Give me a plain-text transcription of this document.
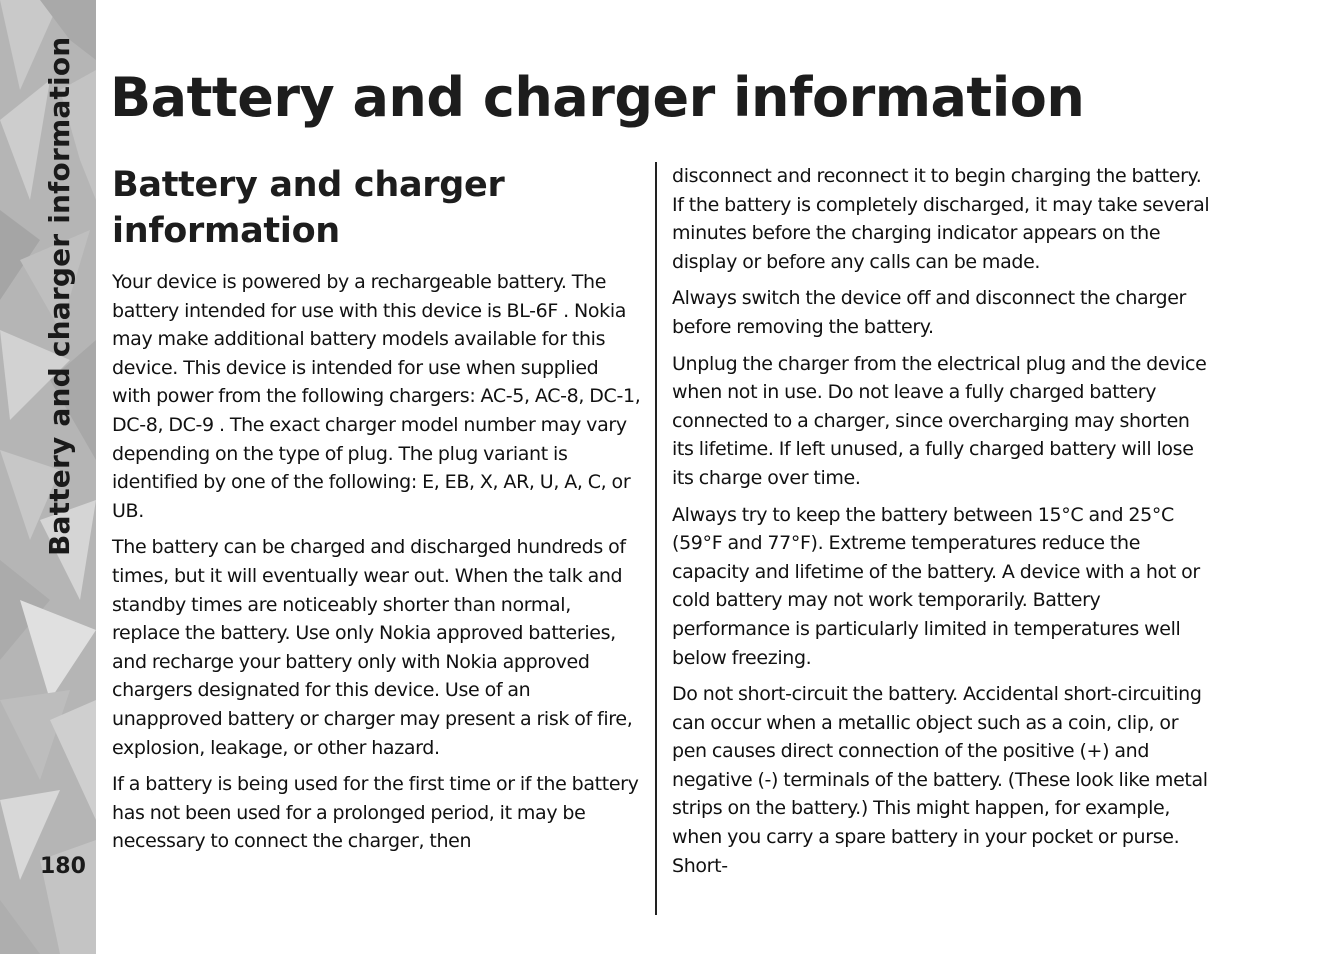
Battery and charger information
180
Battery and charger information
Battery and charger information

Your device is powered by a rechargeable battery. The battery intended for use with this device is BL-6F . Nokia may make additional battery models available for this device. This device is intended for use when supplied with power from the following chargers: AC-5, AC-8, DC-1, DC-8, DC-9 . The exact charger model number may vary depending on the type of plug. The plug variant is identified by one of the following: E, EB, X, AR, U, A, C, or UB.

The battery can be charged and discharged hundreds of times, but it will eventually wear out. When the talk and standby times are noticeably shorter than normal, replace the battery. Use only Nokia approved batteries, and recharge your battery only with Nokia approved chargers designated for this device. Use of an unapproved battery or charger may present a risk of fire, explosion, leakage, or other hazard.

If a battery is being used for the first time or if the battery has not been used for a prolonged period, it may be necessary to connect the charger, then

disconnect and reconnect it to begin charging the battery. If the battery is completely discharged, it may take several minutes before the charging indicator appears on the display or before any calls can be made.

Always switch the device off and disconnect the charger before removing the battery.

Unplug the charger from the electrical plug and the device when not in use. Do not leave a fully charged battery connected to a charger, since overcharging may shorten its lifetime. If left unused, a fully charged battery will lose its charge over time.

Always try to keep the battery between 15°C and 25°C (59°F and 77°F). Extreme temperatures reduce the capacity and lifetime of the battery. A device with a hot or cold battery may not work temporarily. Battery performance is particularly limited in temperatures well below freezing.

Do not short-circuit the battery. Accidental short-circuiting can occur when a metallic object such as a coin, clip, or pen causes direct connection of the positive (+) and negative (-) terminals of the battery. (These look like metal strips on the battery.) This might happen, for example, when you carry a spare battery in your pocket or purse. Short-
